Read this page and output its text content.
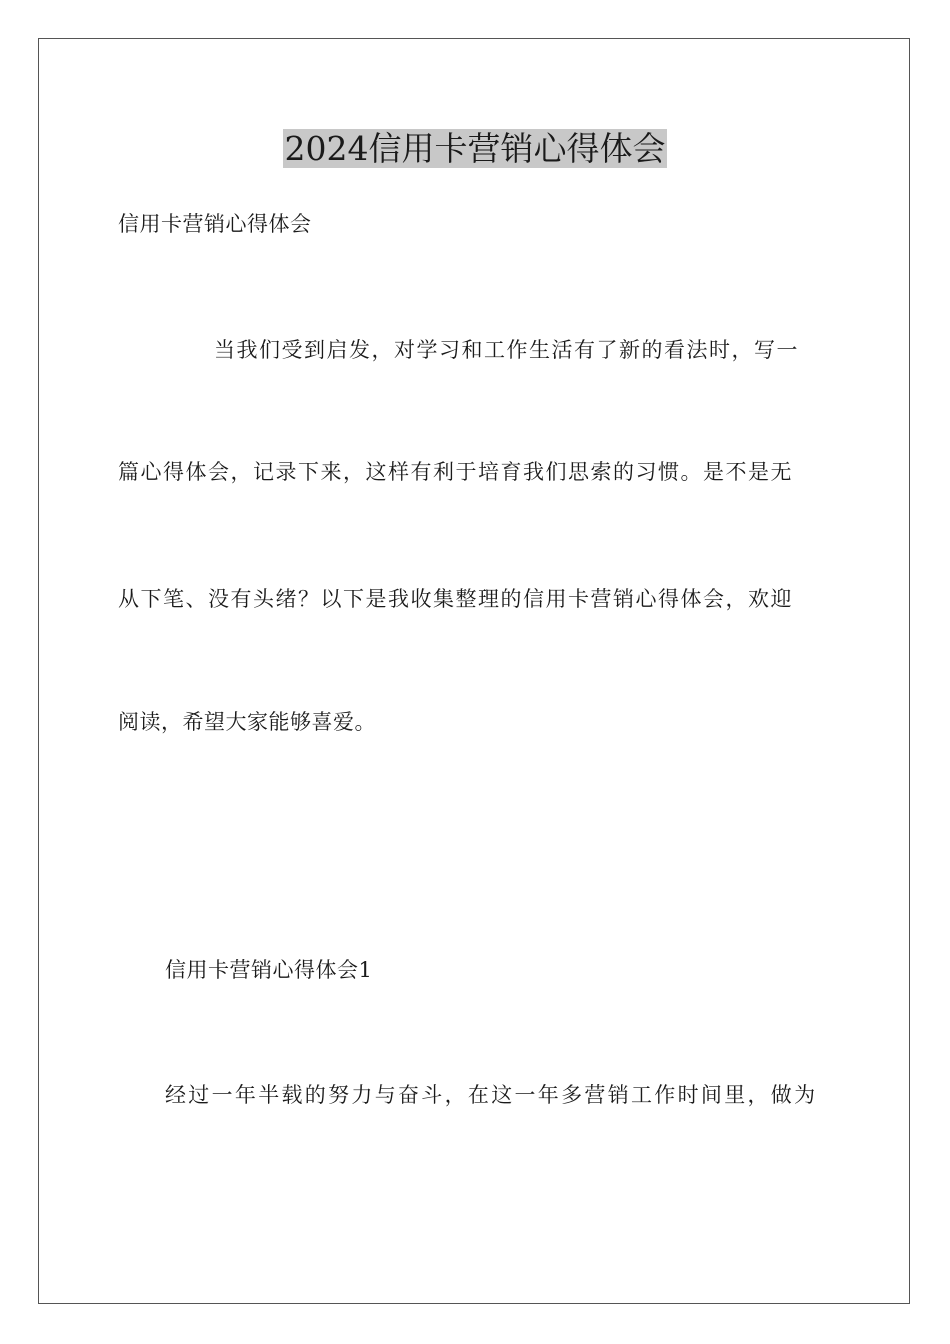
2024信用卡营销心得体会
信用卡营销心得体会
当我们受到启发，对学习和工作生活有了新的看法时，写一
篇心得体会，记录下来，这样有利于培育我们思索的习惯。是不是无
从下笔、没有头绪？以下是我收集整理的信用卡营销心得体会，欢迎
阅读，希望大家能够喜爱。
信用卡营销心得体会1
经过一年半载的努力与奋斗，在这一年多营销工作时间里，做为
